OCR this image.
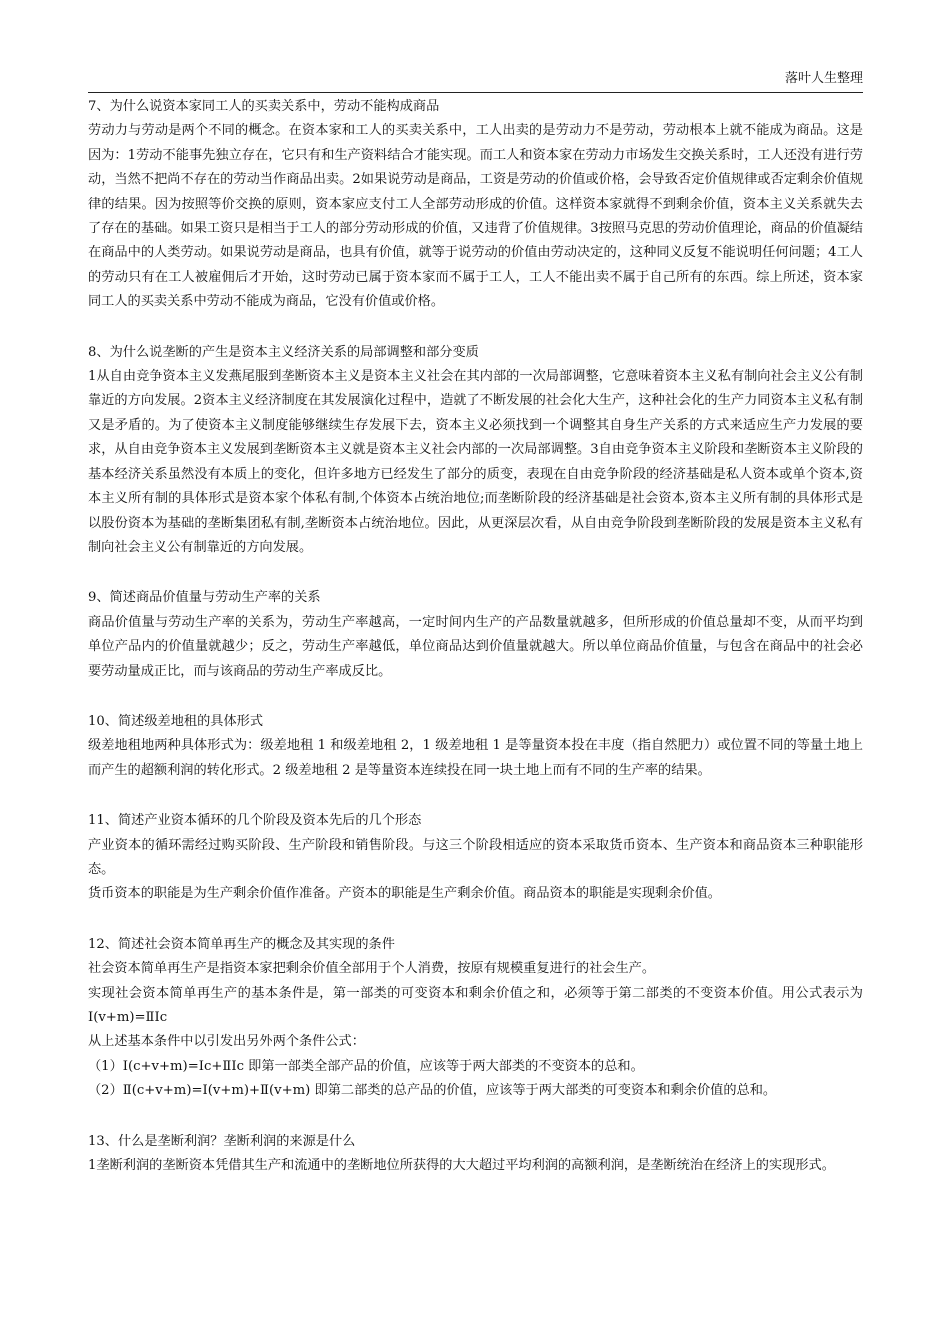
落叶人生整理

7、为什么说资本家同工人的买卖关系中，劳动不能构成商品

劳动力与劳动是两个不同的概念。在资本家和工人的买卖关系中，工人出卖的是劳动力不是劳动，劳动根本上就不能成为商品。这是因为：1劳动不能事先独立存在，它只有和生产资料结合才能实现。而工人和资本家在劳动力市场发生交换关系时，工人还没有进行劳动，当然不把尚不存在的劳动当作商品出卖。2如果说劳动是商品，工资是劳动的价值或价格，会导致否定价值规律或否定剩余价值规律的结果。因为按照等价交换的原则，资本家应支付工人全部劳动形成的价值。这样资本家就得不到剩余价值，资本主义关系就失去了存在的基础。如果工资只是相当于工人的部分劳动形成的价值，又违背了价值规律。3按照马克思的劳动价值理论，商品的价值凝结在商品中的人类劳动。如果说劳动是商品，也具有价值，就等于说劳动的价值由劳动决定的，这种同义反复不能说明任何问题；4工人的劳动只有在工人被雇佣后才开始，这时劳动已属于资本家而不属于工人，工人不能出卖不属于自己所有的东西。综上所述，资本家同工人的买卖关系中劳动不能成为商品，它没有价值或价格。

8、为什么说垄断的产生是资本主义经济关系的局部调整和部分变质

1从自由竞争资本主义发燕尾服到垄断资本主义是资本主义社会在其内部的一次局部调整，它意味着资本主义私有制向社会主义公有制靠近的方向发展。2资本主义经济制度在其发展演化过程中，造就了不断发展的社会化大生产，这种社会化的生产力同资本主义私有制又是矛盾的。为了使资本主义制度能够继续生存发展下去，资本主义必须找到一个调整其自身生产关系的方式来适应生产力发展的要求，从自由竞争资本主义发展到垄断资本主义就是资本主义社会内部的一次局部调整。3自由竞争资本主义阶段和垄断资本主义阶段的基本经济关系虽然没有本质上的变化，但许多地方已经发生了部分的质变，表现在自由竞争阶段的经济基础是私人资本或单个资本,资本主义所有制的具体形式是资本家个体私有制,个体资本占统治地位;而垄断阶段的经济基础是社会资本,资本主义所有制的具体形式是以股份资本为基础的垄断集团私有制,垄断资本占统治地位。因此，从更深层次看，从自由竞争阶段到垄断阶段的发展是资本主义私有制向社会主义公有制靠近的方向发展。

9、简述商品价值量与劳动生产率的关系

商品价值量与劳动生产率的关系为，劳动生产率越高，一定时间内生产的产品数量就越多，但所形成的价值总量却不变，从而平均到单位产品内的价值量就越少；反之，劳动生产率越低，单位商品达到价值量就越大。所以单位商品价值量，与包含在商品中的社会必要劳动量成正比，而与该商品的劳动生产率成反比。

10、简述级差地租的具体形式

级差地租地两种具体形式为：级差地租 1 和级差地租 2，1 级差地租 1 是等量资本投在丰度（指自然肥力）或位置不同的等量土地上而产生的超额利润的转化形式。2 级差地租 2 是等量资本连续投在同一块土地上而有不同的生产率的结果。

11、简述产业资本循环的几个阶段及资本先后的几个形态

产业资本的循环需经过购买阶段、生产阶段和销售阶段。与这三个阶段相适应的资本采取货币资本、生产资本和商品资本三种职能形态。

货币资本的职能是为生产剩余价值作准备。产资本的职能是生产剩余价值。商品资本的职能是实现剩余价值。

12、简述社会资本简单再生产的概念及其实现的条件

社会资本简单再生产是指资本家把剩余价值全部用于个人消费，按原有规模重复进行的社会生产。

实现社会资本简单再生产的基本条件是，第一部类的可变资本和剩余价值之和，必须等于第二部类的不变资本价值。用公式表示为Ⅰ(v+m)=ⅡIc

从上述基本条件中以引发出另外两个条件公式：

（1）Ⅰ(c+v+m)=Ⅰc+ⅡIc 即第一部类全部产品的价值，应该等于两大部类的不变资本的总和。

（2）Ⅱ(c+v+m)=Ⅰ(v+m)+Ⅱ(v+m) 即第二部类的总产品的价值，应该等于两大部类的可变资本和剩余价值的总和。

13、什么是垄断利润？垄断利润的来源是什么

1垄断利润的垄断资本凭借其生产和流通中的垄断地位所获得的大大超过平均利润的高额利润，是垄断统治在经济上的实现形式。
